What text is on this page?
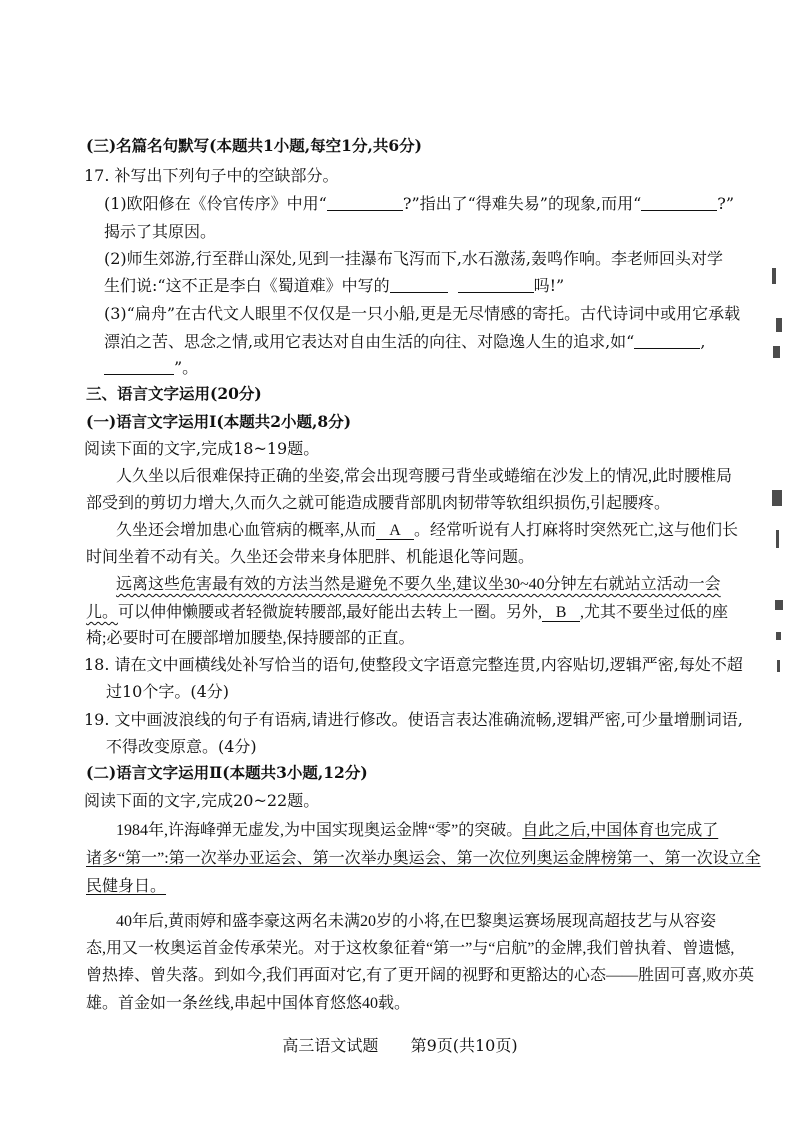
(三)名篇名句默写(本题共1小题,每空1分,共6分)
17. 补写出下列句子中的空缺部分。
(1)欧阳修在《伶官传序》中用“	?”指出了“得难失易”的现象,而用“	?”
揭示了其原因。
(2)师生郊游,行至群山深处,见到一挂瀑布飞泻而下,水石激荡,轰鸣作响。李老师回头对学
生们说:“这不正是李白《蜀道难》中写的	吗!”
(3)“扁舟”在古代文人眼里不仅仅是一只小船,更是无尽情感的寄托。古代诗词中或用它承载
漂泊之苦、思念之情,或用它表达对自由生活的向往、对隐逸人生的追求,如“	,
”。
三、语言文字运用(20分)
(一)语言文字运用Ⅰ(本题共2小题,8分)
阅读下面的文字,完成18~19题。
人久坐以后很难保持正确的坐姿,常会出现弯腰弓背坐或蜷缩在沙发上的情况,此时腰椎局
部受到的剪切力增大,久而久之就可能造成腰背部肌肉韧带等软组织损伤,引起腰疼。
久坐还会增加患心血管病的概率,从而 A 。经常听说有人打麻将时突然死亡,这与他们长
时间坐着不动有关。久坐还会带来身体肥胖、机能退化等问题。
远离这些危害最有效的方法当然是避免不要久坐,建议坐30~40分钟左右就站立活动一会
儿。可以伸伸懒腰或者轻微旋转腰部,最好能出去转上一圈。另外, B ,尤其不要坐过低的座
椅;必要时可在腰部增加腰垫,保持腰部的正直。
18. 请在文中画横线处补写恰当的语句,使整段文字语意完整连贯,内容贴切,逻辑严密,每处不超
过10个字。(4分)
19. 文中画波浪线的句子有语病,请进行修改。使语言表达准确流畅,逻辑严密,可少量增删词语,
不得改变原意。(4分)
(二)语言文字运用Ⅱ(本题共3小题,12分)
阅读下面的文字,完成20~22题。
1984年,许海峰弹无虚发,为中国实现奥运金牌“零”的突破。自此之后,中国体育也完成了
诸多“第一”:第一次举办亚运会、第一次举办奥运会、第一次位列奥运金牌榜第一、第一次设立全
民健身日。
40年后,黄雨婷和盛李豪这两名未满20岁的小将,在巴黎奥运赛场展现高超技艺与从容姿
态,用又一枚奥运首金传承荣光。对于这枚象征着“第一”与“启航”的金牌,我们曾执着、曾遗憾,
曾热捧、曾失落。到如今,我们再面对它,有了更开阔的视野和更豁达的心态——胜固可喜,败亦英
雄。首金如一条丝线,串起中国体育悠悠40载。
高三语文试题 第9页(共10页)
